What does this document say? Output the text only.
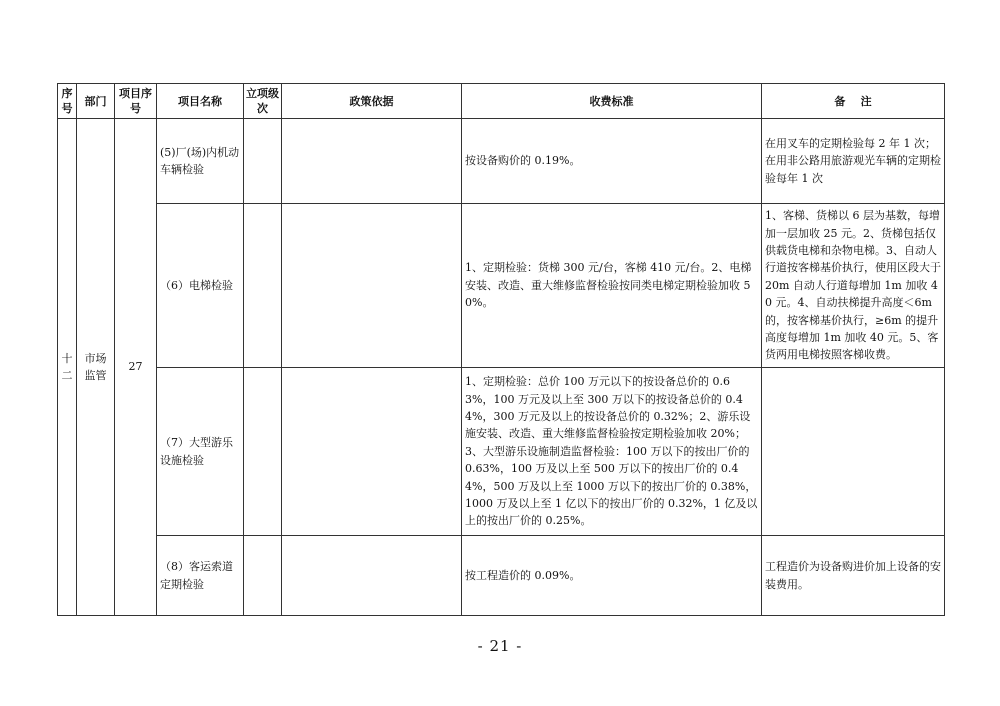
序号	部门	项目序号	项目名称	立项级次	政策依据	收费标准	备    注
十二	市场监管	27	(5)厂(场)内机动车辆检验			按设备购价的 0.19%。	在用叉车的定期检验每 2 年 1 次；在用非公路用旅游观光车辆的定期检验每年 1 次
			（6）电梯检验			1、定期检验：货梯 300 元/台，客梯 410 元/台。2、电梯安装、改造、重大维修监督检验按同类电梯定期检验加收 50%。	1、客梯、货梯以 6 层为基数，每增加一层加收 25 元。2、货梯包括仅供载货电梯和杂物电梯。3、自动人行道按客梯基价执行，使用区段大于 20m 自动人行道每增加 1m 加收 40 元。4、自动扶梯提升高度＜6m 的，按客梯基价执行，≥6m 的提升高度每增加 1m 加收 40 元。5、客货两用电梯按照客梯收费。
			（7）大型游乐设施检验			1、定期检验：总价 100 万元以下的按设备总价的 0.63%，100 万元及以上至 300 万以下的按设备总价的 0.44%，300 万元及以上的按设备总价的 0.32%；2、游乐设施安装、改造、重大维修监督检验按定期检验加收 20%；3、大型游乐设施制造监督检验：100 万以下的按出厂价的 0.63%，100 万及以上至 500 万以下的按出厂价的 0.44%，500 万及以上至 1000 万以下的按出厂价的 0.38%，1000 万及以上至 1 亿以下的按出厂价的 0.32%，1 亿及以上的按出厂价的 0.25%。	
			（8）客运索道定期检验			按工程造价的 0.09%。	工程造价为设备购进价加上设备的安装费用。
- 21 -
